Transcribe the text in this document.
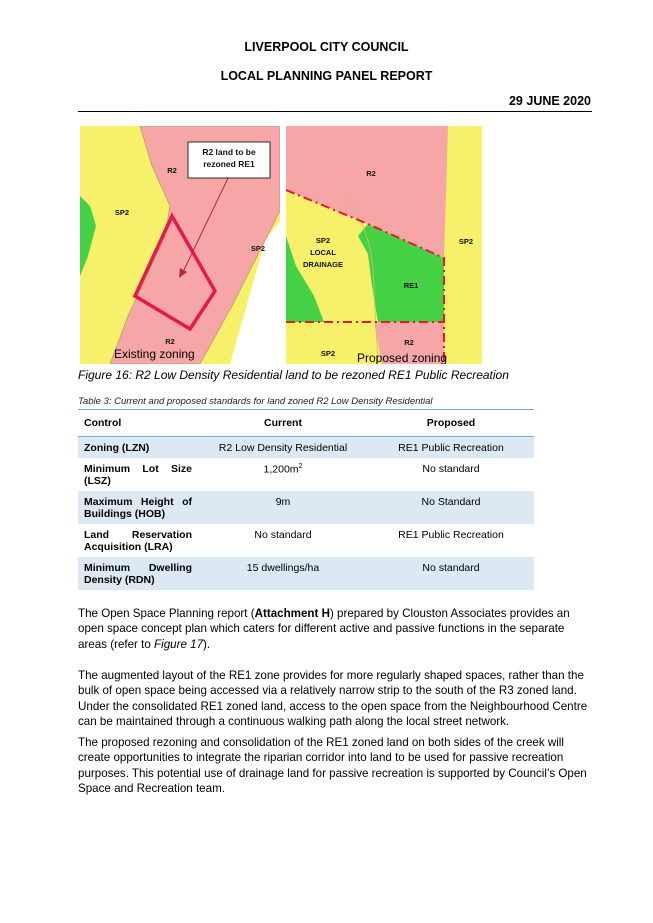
LIVERPOOL CITY COUNCIL
LOCAL PLANNING PANEL REPORT
29 JUNE 2020
R2 land to be
rezoned RE1
R2
SP2
SP2
R2
Existing zoning
R2
SP2
SP2
LOCAL
DRAINAGE
RE1
R2
SP2 Proposed zoning
Figure 16: R2 Low Density Residential land to be rezoned RE1 Public Recreation
Table 3: Current and proposed standards for land zoned R2 Low Density Residential
Control	Current	Proposed
Zoning (LZN)	R2 Low Density Residential	RE1 Public Recreation
Minimum Lot Size (LSZ)	$1,200m^2$	No standard
Maximum Height of Buildings (HOB)	9m	No Standard
Land Reservation Acquisition (LRA)	No standard	RE1 Public Recreation
Minimum Dwelling Density (RDN)	15 dwellings/ha	No standard
The Open Space Planning report (Attachment H) prepared by Clouston Associates provides an open space concept plan which caters for different active and passive functions in the separate areas (refer to Figure 17).
The augmented layout of the RE1 zone provides for more regularly shaped spaces, rather than the bulk of open space being accessed via a relatively narrow strip to the south of the R3 zoned land. Under the consolidated RE1 zoned land, access to the open space from the Neighbourhood Centre can be maintained through a continuous walking path along the local street network.
The proposed rezoning and consolidation of the RE1 zoned land on both sides of the creek will create opportunities to integrate the riparian corridor into land to be used for passive recreation purposes. This potential use of drainage land for passive recreation is supported by Council’s Open Space and Recreation team.
